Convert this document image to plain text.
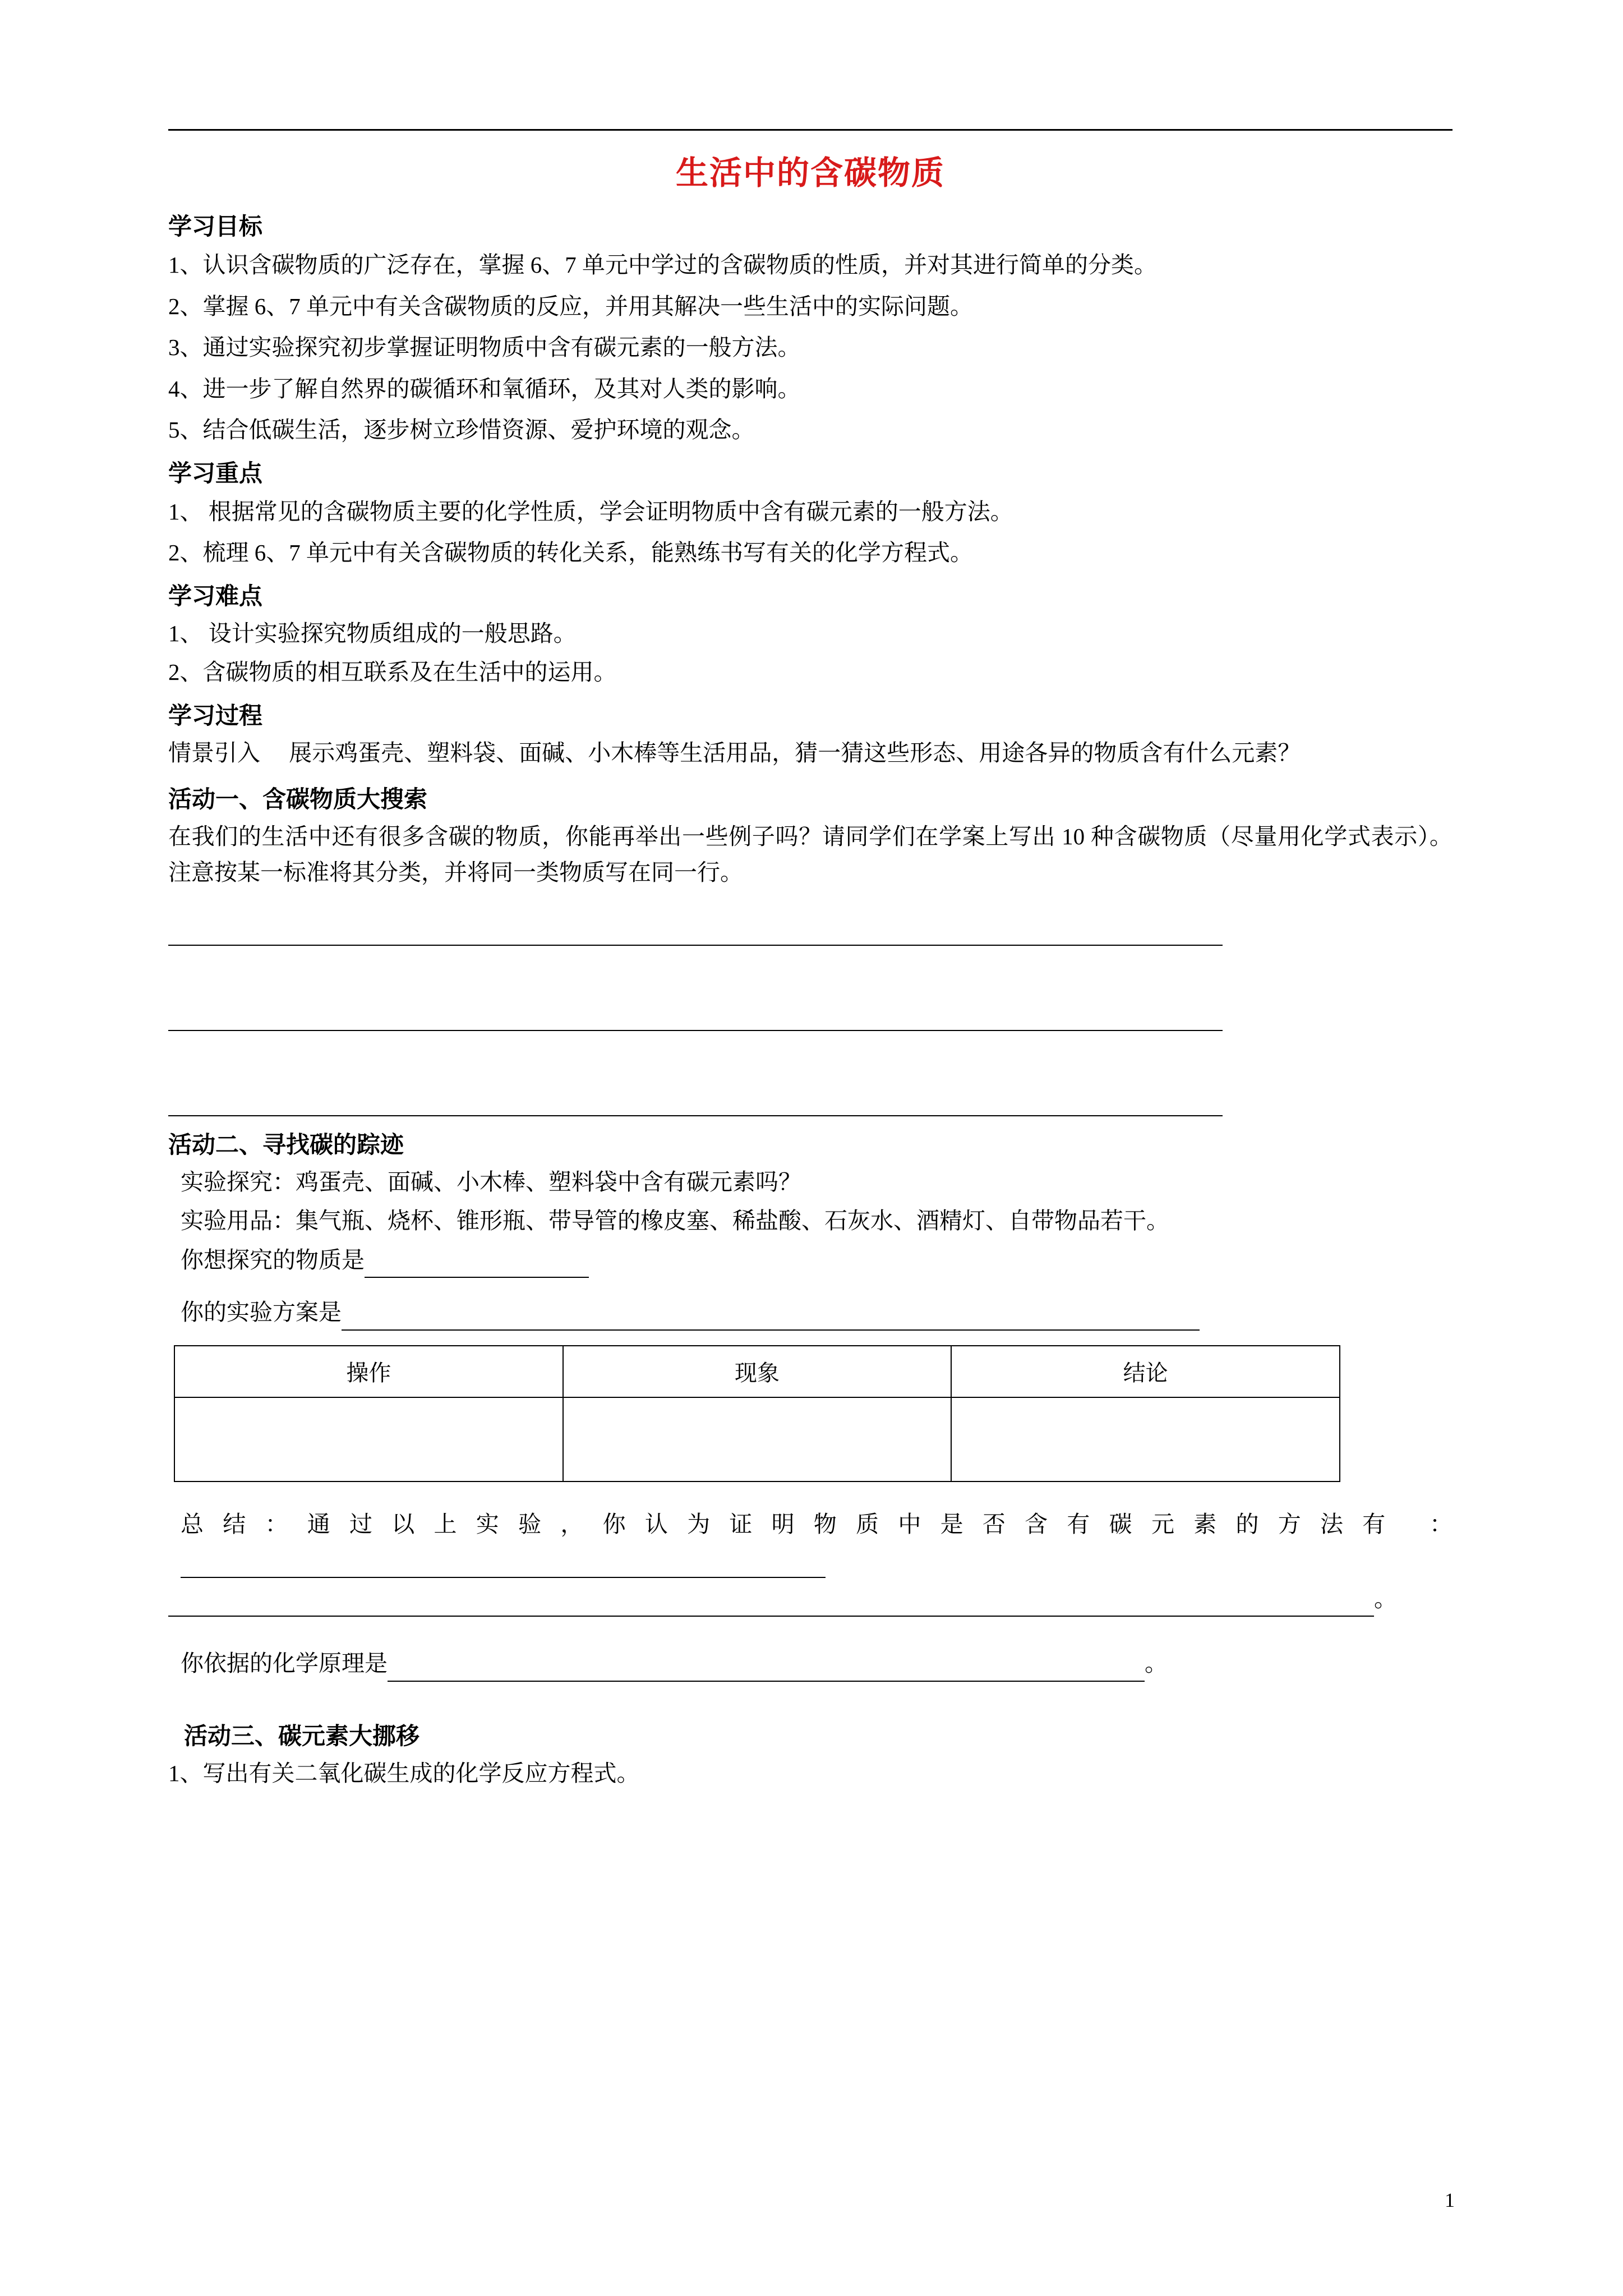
生活中的含碳物质
学习目标
1、认识含碳物质的广泛存在，掌握 6、7 单元中学过的含碳物质的性质，并对其进行简单的分类。
2、掌握 6、7 单元中有关含碳物质的反应，并用其解决一些生活中的实际问题。
3、通过实验探究初步掌握证明物质中含有碳元素的一般方法。
4、进一步了解自然界的碳循环和氧循环，及其对人类的影响。
5、结合低碳生活，逐步树立珍惜资源、爱护环境的观念。
学习重点
1、 根据常见的含碳物质主要的化学性质，学会证明物质中含有碳元素的一般方法。
2、梳理 6、7 单元中有关含碳物质的转化关系，能熟练书写有关的化学方程式。
学习难点
1、 设计实验探究物质组成的一般思路。
2、含碳物质的相互联系及在生活中的运用。
学习过程
情景引入 展示鸡蛋壳、塑料袋、面碱、小木棒等生活用品，猜一猜这些形态、用途各异的物质含有什么元素？
活动一、含碳物质大搜索
在我们的生活中还有很多含碳的物质，你能再举出一些例子吗？请同学们在学案上写出 10 种含碳物质（尽量用化学式表示）。注意按某一标准将其分类，并将同一类物质写在同一行。
活动二、寻找碳的踪迹
实验探究：鸡蛋壳、面碱、小木棒、塑料袋中含有碳元素吗？
实验用品：集气瓶、烧杯、锥形瓶、带导管的橡皮塞、稀盐酸、石灰水、酒精灯、自带物品若干。
你想探究的物质是
你的实验方案是
操作	现象	结论

总结：通过以上实验，你认为证明物质中是否含有碳元素的方法有 ：
。
你依据的化学原理是	。
活动三、碳元素大挪移
1、写出有关二氧化碳生成的化学反应方程式。
1
